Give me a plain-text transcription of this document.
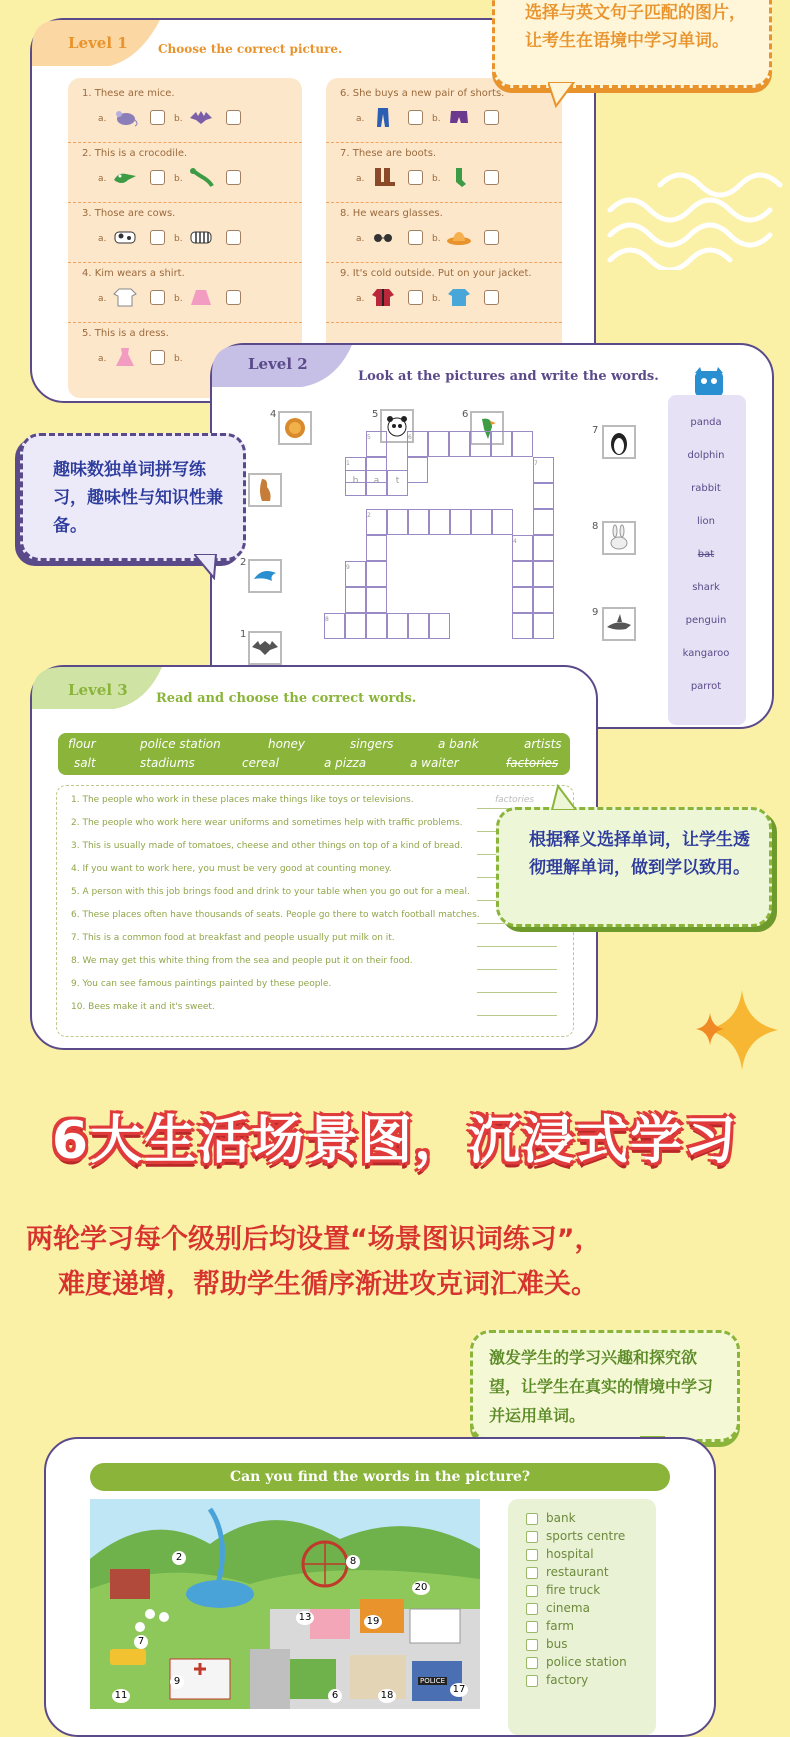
Level 1	Choose the correct picture.
1. These are mice.
a.	b.
2. This is a crocodile.
a.	b.
3. Those are cows.
a.	b.
4. Kim wears a shirt.
a.	b.
5. This is a dress.
a.	b.
6. She buys a new pair of shorts.
a.	b.
7. These are boots.
a.	b.
8. He wears glasses.
a.	b.
9. It's cold outside. Put on your jacket.
a.	b.
选择与英文句子匹配的图片，让考生在语境中学习单词。
Level 2
Look at the pictures and write the words.
panda
dolphin
rabbit
lion
bat
shark
penguin
kangaroo
parrot
4	5	6
7
8
2
9
1
5	6
7
1
b	a	t
2
4
9
8
趣味数独单词拼写练习，趣味性与知识性兼备。
Level 3 Read and choose the correct words.
flour	police station	honey	singers	a bank	artists
salt	stadiums	cereal	a pizza	a waiter	factories
1. The people who work in these places make things like toys or televisions.	factories
2. The people who work here wear uniforms and sometimes help with traffic problems.
3. This is usually made of tomatoes, cheese and other things on top of a kind of bread.
4. If you want to work here, you must be very good at counting money.
5. A person with this job brings food and drink to your table when you go out for a meal.
6. These places often have thousands of seats. People go there to watch football matches.
7. This is a common food at breakfast and people usually put milk on it.
8. We may get this white thing from the sea and people put it on their food.
9. You can see famous paintings painted by these people.
10. Bees make it and it's sweet.
根据释义选择单词，让学生透彻理解单词，做到学以致用。
6大生活场景图，沉浸式学习
两轮学习每个级别后均设置“场景图识词练习”，
难度递增，帮助学生循序渐进攻克词汇难关。
激发学生的学习兴趣和探究欲望，让学生在真实的情境中学习并运用单词。
Can you find the words in the picture?
2	8
20
13	19
7
9
11	6	18
17
POLICE
bank
sports centre
hospital
restaurant
fire truck
cinema
farm
bus
police station
factory
